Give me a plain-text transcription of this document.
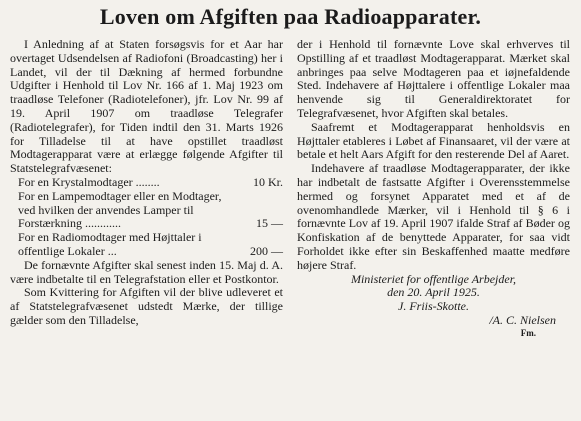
Loven om Afgiften paa Radioapparater.

I Anledning af at Staten forsøgsvis for et Aar har overtaget Udsendelsen af Radiofoni (Broadcasting) her i Landet, vil der til Dækning af hermed forbundne Udgifter i Henhold til Lov Nr. 166 af 1. Maj 1923 om traadløse Telefoner (Radiotelefoner), jfr. Lov Nr. 99 af 19. April 1907 om traadløse Telegrafer (Radiotelegrafer), for Tiden indtil den 31. Marts 1926 for Tilladelse til at have opstillet traadløst Modtagerapparat være at erlægge følgende Afgifter til Statstelegrafvæsenet:

For en Krystalmodtager ........	10 Kr.
For en Lampemodtager eller en Modtager, ved hvilken der anvendes Lamper til Forstærkning ............	15 —
For en Radiomodtager med Højttaler i offentlige Lokaler ...	200 —

De fornævnte Afgifter skal senest inden 15. Maj d. A. være indbetalte til en Telegrafstation eller et Postkontor.

Som Kvittering for Afgiften vil der blive udleveret et af Statstelegrafvæsenet udstedt Mærke, der tillige gælder som den Tilladelse,

der i Henhold til fornævnte Love skal erhverves til Opstilling af et traadløst Modtagerapparat. Mærket skal anbringes paa selve Modtageren paa et iøjnefaldende Sted. Indehavere af Højttalere i offentlige Lokaler maa henvende sig til Generaldirektoratet for Telegrafvæsenet, hvor Afgiften skal betales.

Saafremt et Modtagerapparat henholdsvis en Højttaler etableres i Løbet af Finansaaret, vil der være at betale et helt Aars Afgift for den resterende Del af Aaret.

Indehavere af traadløse Modtagerapparater, der ikke har indbetalt de fastsatte Afgifter i Overensstemmelse hermed og forsynet Apparatet med et af de ovenomhandlede Mærker, vil i Henhold til § 6 i fornævnte Lov af 19. April 1907 ifalde Straf af Bøder og Konfiskation af de benyttede Apparater, for saa vidt Forholdet ikke efter sin Beskaffenhed maatte medføre højere Straf.

Ministeriet for offentlige Arbejder,
den 20. April 1925.
J. Friis-Skotte.
/A. C. Nielsen
Fm.
